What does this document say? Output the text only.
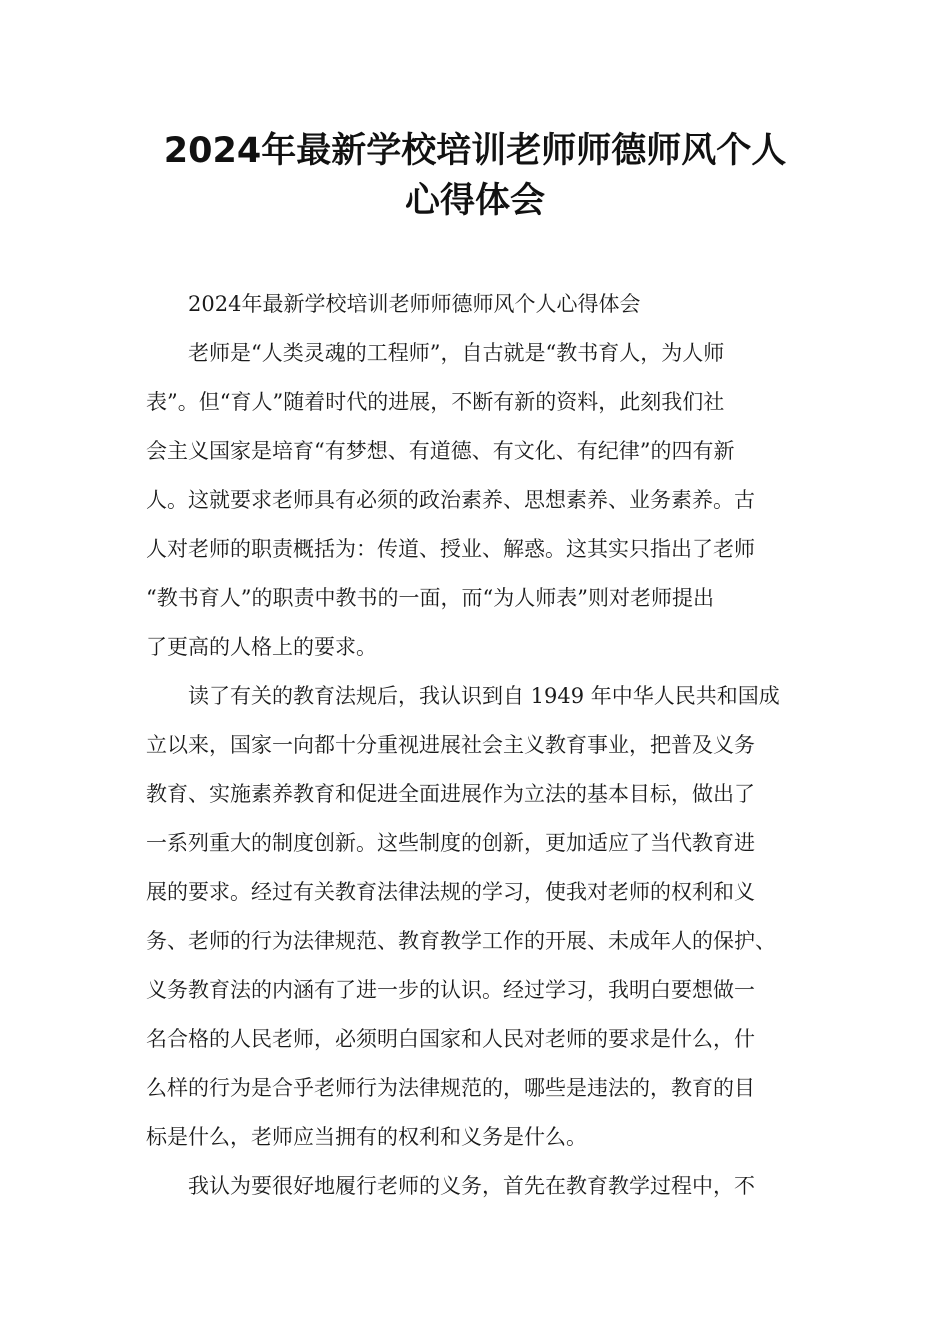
2024年最新学校培训老师师德师风个人
心得体会
2024年最新学校培训老师师德师风个人心得体会
老师是“人类灵魂的工程师”，自古就是“教书育人，为人师
表”。但“育人”随着时代的进展，不断有新的资料，此刻我们社
会主义国家是培育“有梦想、有道德、有文化、有纪律”的四有新
人。这就要求老师具有必须的政治素养、思想素养、业务素养。古
人对老师的职责概括为：传道、授业、解惑。这其实只指出了老师
“教书育人”的职责中教书的一面，而“为人师表”则对老师提出
了更高的人格上的要求。
读了有关的教育法规后，我认识到自 1949 年中华人民共和国成
立以来，国家一向都十分重视进展社会主义教育事业，把普及义务
教育、实施素养教育和促进全面进展作为立法的基本目标，做出了
一系列重大的制度创新。这些制度的创新，更加适应了当代教育进
展的要求。经过有关教育法律法规的学习，使我对老师的权利和义
务、老师的行为法律规范、教育教学工作的开展、未成年人的保护、
义务教育法的内涵有了进一步的认识。经过学习，我明白要想做一
名合格的人民老师，必须明白国家和人民对老师的要求是什么，什
么样的行为是合乎老师行为法律规范的，哪些是违法的，教育的目
标是什么，老师应当拥有的权利和义务是什么。
我认为要很好地履行老师的义务，首先在教育教学过程中，不
